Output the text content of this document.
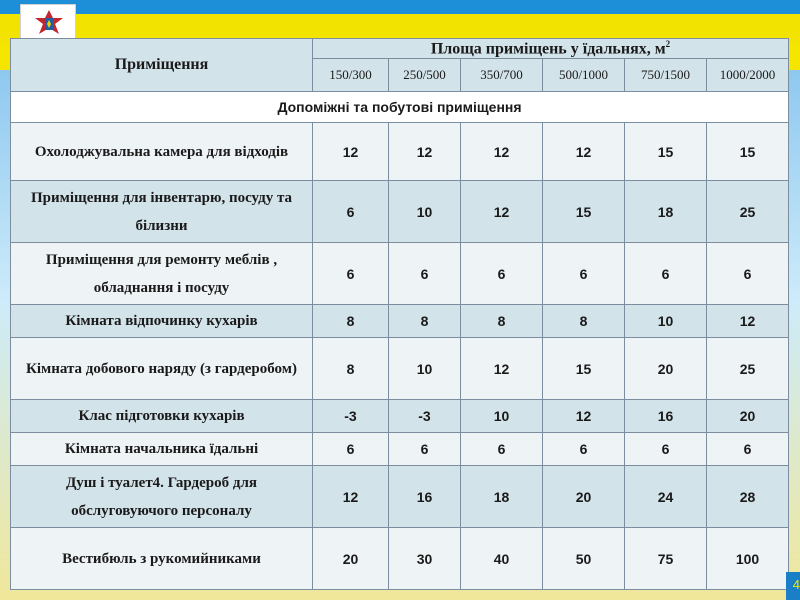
Приміщення	Площа приміщень у їдальнях, $м^2$
	150/300	250/500	350/700	500/1000	750/1500	1000/2000
Допоміжні та побутові приміщення						
Охолоджувальна камера для відходів	12	12	12	12	15	15
Приміщення для інвентарю, посуду та білизни	6	10	12	15	18	25
Приміщення для ремонту меблів , обладнання і посуду	6	6	6	6	6	6
Кімната відпочинку кухарів	8	8	8	8	10	12
Кімната добового наряду (з гардеробом)	8	10	12	15	20	25
Клас підготовки кухарів	-3	-3	10	12	16	20
Кімната начальника їдальні	6	6	6	6	6	6
Душ і туалет4. Гардероб для обслуговуючого персоналу	12	16	18	20	24	28
Вестибюль з рукомийниками	20	30	40	50	75	100
4
